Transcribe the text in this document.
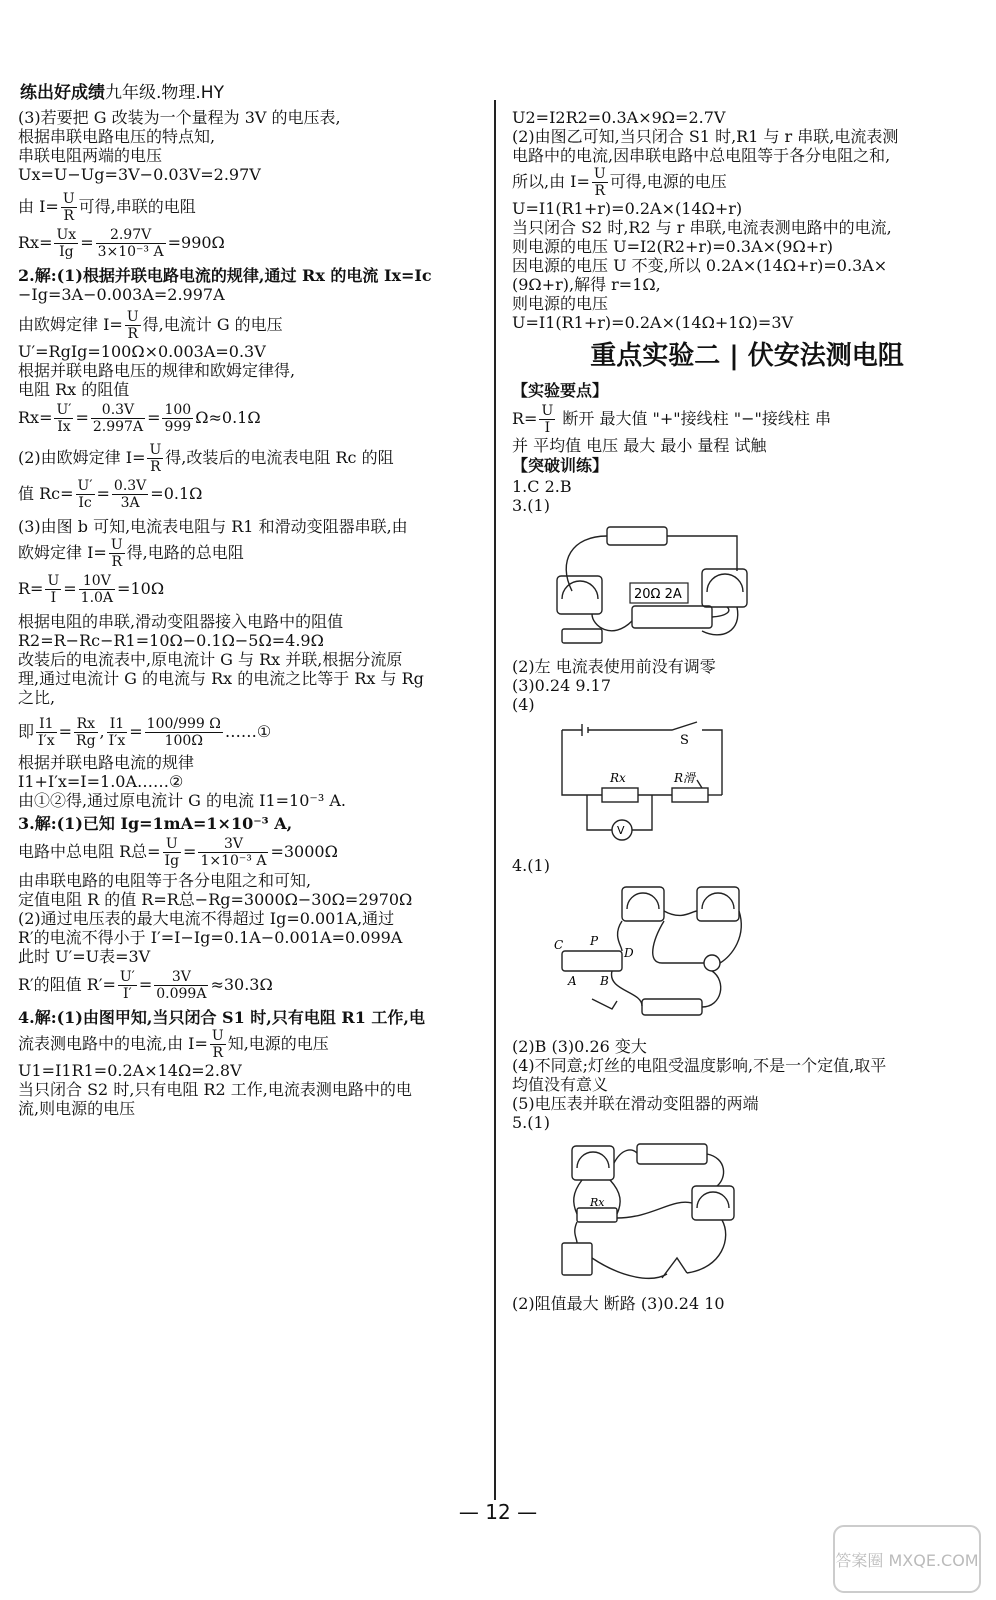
练出好成绩九年级.物理.HY
(3)若要把 G 改装为一个量程为 3V 的电压表,
根据串联电路电压的特点知,
串联电阻两端的电压
Ux=U−Ug=3V−0.03V=2.97V
由 $I= \frac{U}{R}$ 可得,串联的电阻
$Rx= \frac{Ux}{Ig} = \frac{2.97V}{\text{3×10⁻³ A}} =990\Omega$
2.解:(1)根据并联电路电流的规律,通过 Rx 的电流 Ix=Ic
−Ig=3A−0.003A=2.997A
由欧姆定律 $I= \frac{U}{R}$ 得,电流计 G 的电压
U′=RgIg=100Ω×0.003A=0.3V
根据并联电路电压的规律和欧姆定律得,
电阻 Rx 的阻值
$Rx= \frac{U'}{Ix} = \frac{0.3V}{2.997A} = \frac{100}{999} \Omega\approx 0.1\Omega$
(2)由欧姆定律 $I= \frac{U}{R}$ 得,改装后的电流表电阻 Rc 的阻
值 $Rc= \frac{U'}{Ic} = \frac{0.3V}{3A} =0.1\Omega$
(3)由图 b 可知,电流表电阻与 R1 和滑动变阻器串联,由
欧姆定律 $I= \frac{U}{R}$ 得,电路的总电阻
$R= \frac{U}{I} = \frac{10V}{1.0A} =10\Omega$
根据电阻的串联,滑动变阻器接入电路中的阻值
R2=R−Rc−R1=10Ω−0.1Ω−5Ω=4.9Ω
改装后的电流表中,原电流计 G 与 Rx 并联,根据分流原
理,通过电流计 G 的电流与 Rx 的电流之比等于 Rx 与 Rg
之比,
即 $\frac{I1}{I'x} = \frac{Rx}{Rg}$ , $\frac{I1}{I'x} = \frac{100/999 \Omega}{100\Omega}$ ……①
根据并联电路电流的规律
I1+I′x=I=1.0A……②
由①②得,通过原电流计 G 的电流 I1=10⁻³ A.
3.解:(1)已知 Ig=1mA=1×10⁻³ A,
电路中总电阻 R总= $\frac{U}{Ig} = \frac{3V}{\text{1×10⁻³ A}} =3000\Omega$
由串联电路的电阻等于各分电阻之和可知,
定值电阻 R 的值 R=R总−Rg=3000Ω−30Ω=2970Ω
(2)通过电压表的最大电流不得超过 Ig=0.001A,通过
R′的电流不得小于 I′=I−Ig=0.1A−0.001A=0.099A
此时 U′=U表=3V
R′的阻值 $R'= \frac{U'}{I'} = \frac{3V}{0.099A} \approx 30.3\Omega$
4.解:(1)由图甲知,当只闭合 S1 时,只有电阻 R1 工作,电
流表测电路中的电流,由 $I= \frac{U}{R}$ 知,电源的电压
U1=I1R1=0.2A×14Ω=2.8V
当只闭合 S2 时,只有电阻 R2 工作,电流表测电路中的电
流,则电源的电压
U2=I2R2=0.3A×9Ω=2.7V
(2)由图乙可知,当只闭合 S1 时,R1 与 r 串联,电流表测
电路中的电流,因串联电路中总电阻等于各分电阻之和,
所以,由 $I= \frac{U}{R}$ 可得,电源的电压
U=I1(R1+r)=0.2A×(14Ω+r)
当只闭合 S2 时,R2 与 r 串联,电流表测电路中的电流,
则电源的电压 U=I2(R2+r)=0.3A×(9Ω+r)
因电源的电压 U 不变,所以 0.2A×(14Ω+r)=0.3A×
(9Ω+r),解得 r=1Ω,
则电源的电压
U=I1(R1+r)=0.2A×(14Ω+1Ω)=3V
重点实验二 | 伏安法测电阻
【实验要点】
$R= \frac{U}{I}$ 断开 最大值 "+"接线柱 "−"接线柱 串
并 平均值 电压 最大 最小 量程 试触
【突破训练】
1.C 2.B
3.(1)
20Ω 2A
(2)左 电流表使用前没有调零
(3)0.24 9.17
(4)
S
Rx	R滑
V
4.(1)
C P
D
A B
(2)B (3)0.26 变大
(4)不同意;灯丝的电阻受温度影响,不是一个定值,取平
均值没有意义
(5)电压表并联在滑动变阻器的两端
5.(1)
Rx
(2)阻值最大 断路 (3)0.24 10
— 12 —
答案圈 MXQE.COM
